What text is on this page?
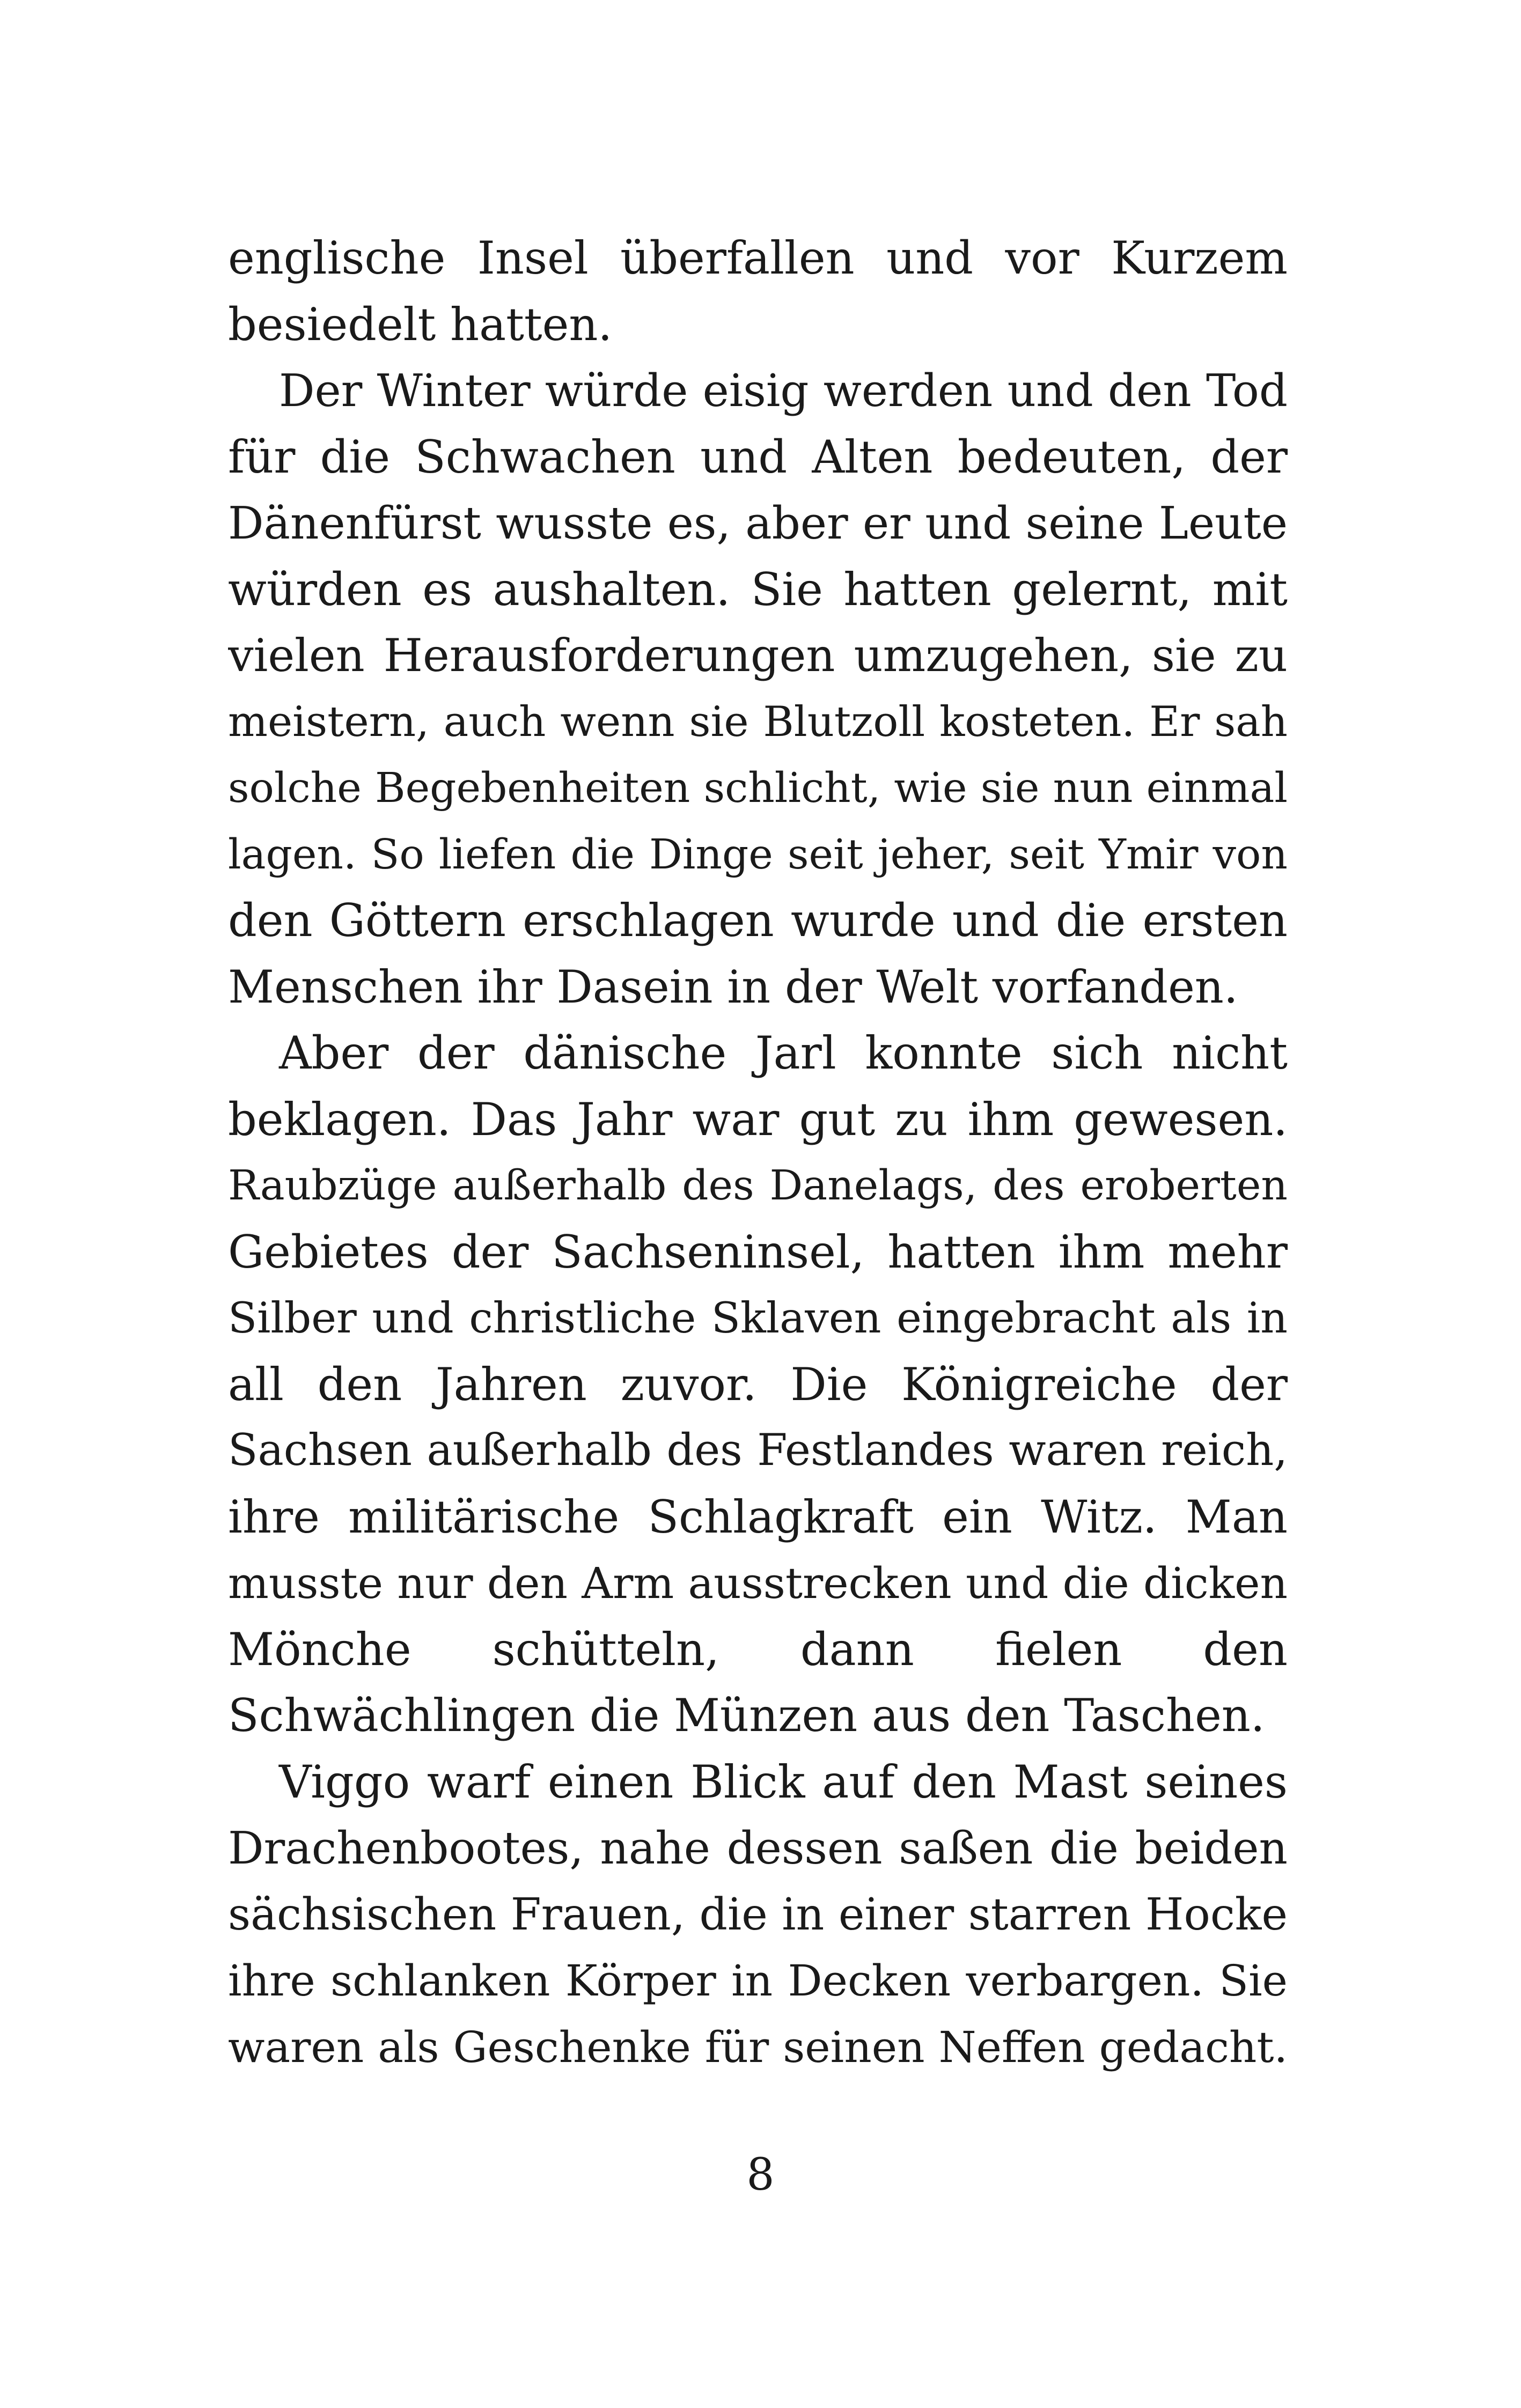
englische Insel überfallen und vor Kurzem
besiedelt hatten.
Der Winter würde eisig werden und den Tod
für die Schwachen und Alten bedeuten, der
Dänenfürst wusste es, aber er und seine Leute
würden es aushalten. Sie hatten gelernt, mit
vielen Herausforderungen umzugehen, sie zu
meistern, auch wenn sie Blutzoll kosteten. Er sah
solche Begebenheiten schlicht, wie sie nun einmal
lagen. So liefen die Dinge seit jeher, seit Ymir von
den Göttern erschlagen wurde und die ersten
Menschen ihr Dasein in der Welt vorfanden.
Aber der dänische Jarl konnte sich nicht
beklagen. Das Jahr war gut zu ihm gewesen.
Raubzüge außerhalb des Danelags, des eroberten
Gebietes der Sachseninsel, hatten ihm mehr
Silber und christliche Sklaven eingebracht als in
all den Jahren zuvor. Die Königreiche der
Sachsen außerhalb des Festlandes waren reich,
ihre militärische Schlagkraft ein Witz. Man
musste nur den Arm ausstrecken und die dicken
Mönche schütteln, dann fielen den
Schwächlingen die Münzen aus den Taschen.
Viggo warf einen Blick auf den Mast seines
Drachenbootes, nahe dessen saßen die beiden
sächsischen Frauen, die in einer starren Hocke
ihre schlanken Körper in Decken verbargen. Sie
waren als Geschenke für seinen Neffen gedacht.
8
